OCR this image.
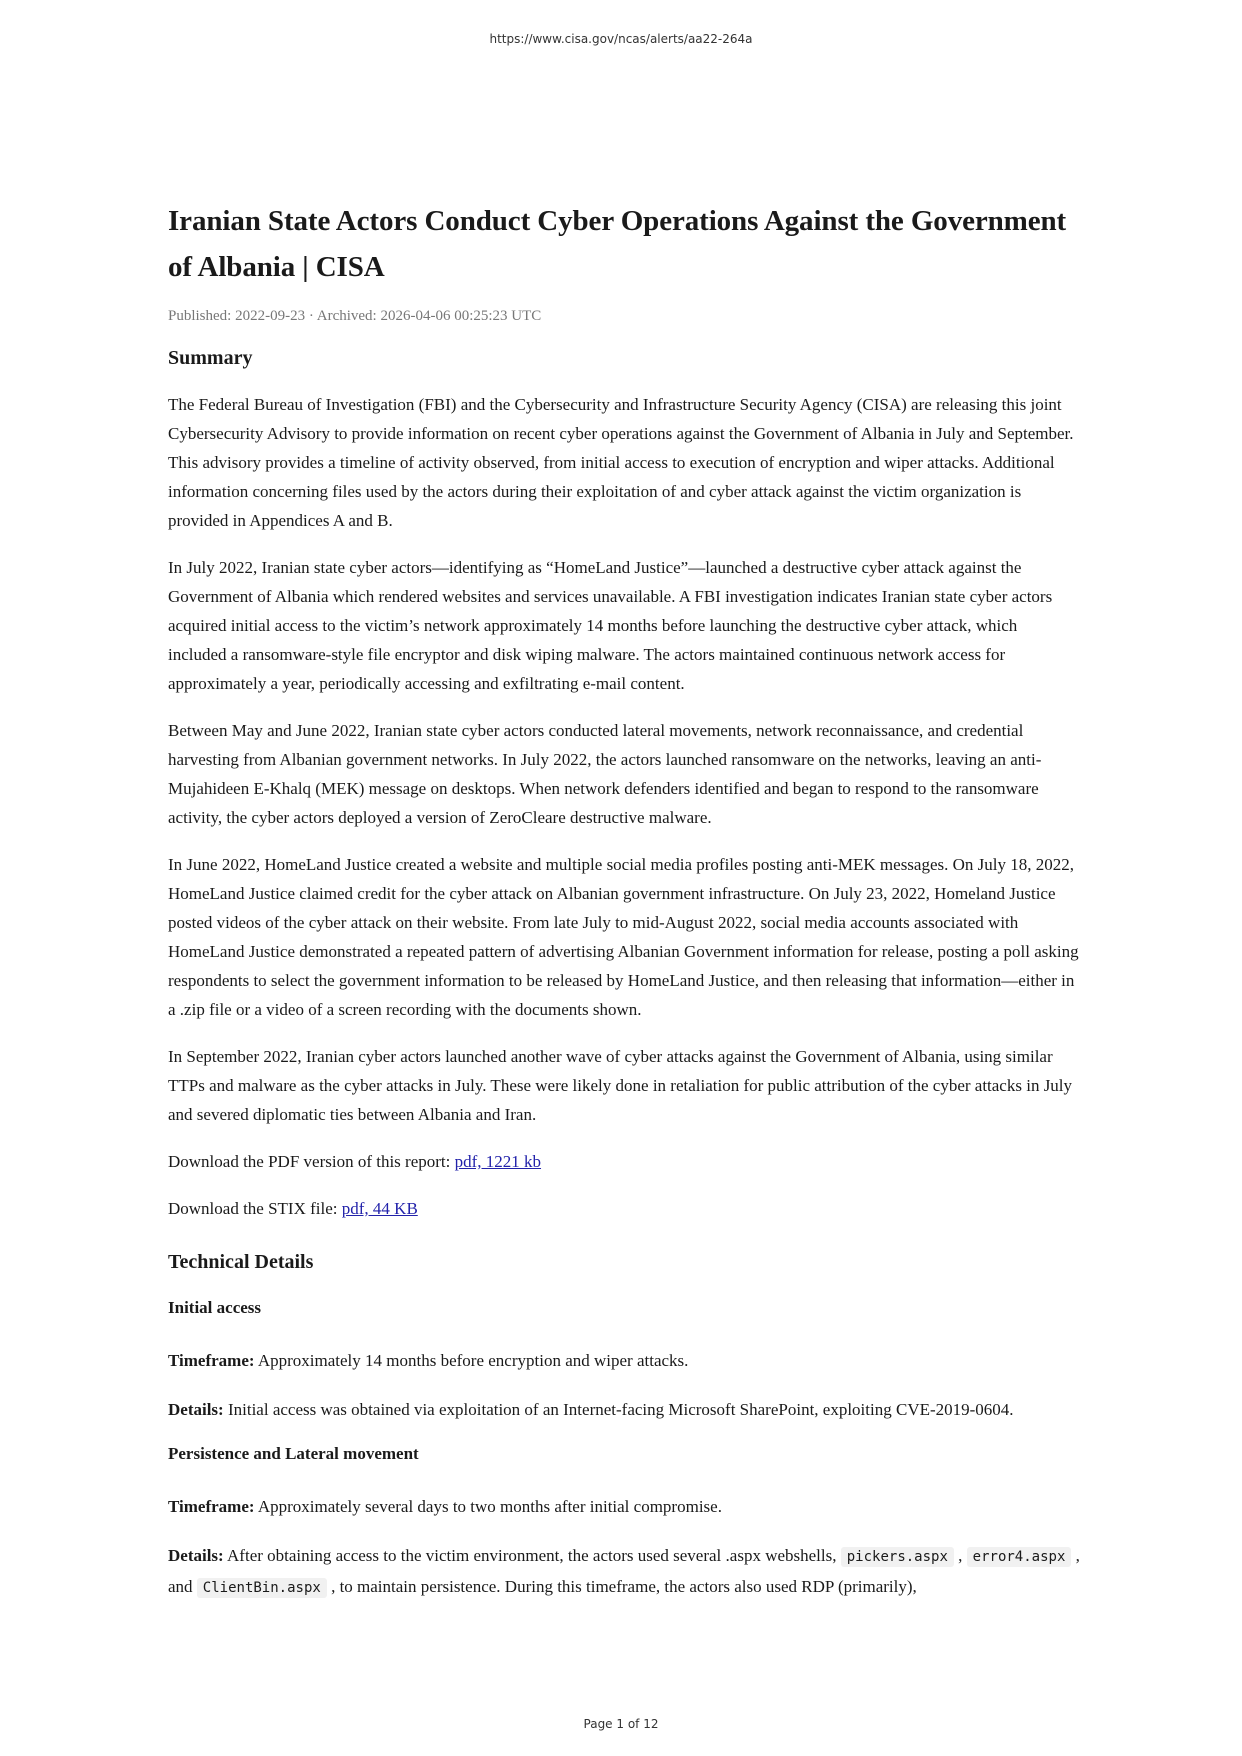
https://www.cisa.gov/ncas/alerts/aa22-264a
Iranian State Actors Conduct Cyber Operations Against the Government of Albania | CISA
Published: 2022-09-23 · Archived: 2026-04-06 00:25:23 UTC
Summary

The Federal Bureau of Investigation (FBI) and the Cybersecurity and Infrastructure Security Agency (CISA) are releasing this joint Cybersecurity Advisory to provide information on recent cyber operations against the Government of Albania in July and September. This advisory provides a timeline of activity observed, from initial access to execution of encryption and wiper attacks. Additional information concerning files used by the actors during their exploitation of and cyber attack against the victim organization is provided in Appendices A and B.

In July 2022, Iranian state cyber actors—identifying as “HomeLand Justice”—launched a destructive cyber attack against the Government of Albania which rendered websites and services unavailable. A FBI investigation indicates Iranian state cyber actors acquired initial access to the victim’s network approximately 14 months before launching the destructive cyber attack, which included a ransomware-style file encryptor and disk wiping malware. The actors maintained continuous network access for approximately a year, periodically accessing and exfiltrating e-mail content.

Between May and June 2022, Iranian state cyber actors conducted lateral movements, network reconnaissance, and credential harvesting from Albanian government networks. In July 2022, the actors launched ransomware on the networks, leaving an anti-Mujahideen E-Khalq (MEK) message on desktops. When network defenders identified and began to respond to the ransomware activity, the cyber actors deployed a version of ZeroCleare destructive malware.

In June 2022, HomeLand Justice created a website and multiple social media profiles posting anti-MEK messages. On July 18, 2022, HomeLand Justice claimed credit for the cyber attack on Albanian government infrastructure. On July 23, 2022, Homeland Justice posted videos of the cyber attack on their website. From late July to mid-August 2022, social media accounts associated with HomeLand Justice demonstrated a repeated pattern of advertising Albanian Government information for release, posting a poll asking respondents to select the government information to be released by HomeLand Justice, and then releasing that information—either in a .zip file or a video of a screen recording with the documents shown.

In September 2022, Iranian cyber actors launched another wave of cyber attacks against the Government of Albania, using similar TTPs and malware as the cyber attacks in July. These were likely done in retaliation for public attribution of the cyber attacks in July and severed diplomatic ties between Albania and Iran.

Download the PDF version of this report: pdf, 1221 kb

Download the STIX file: pdf, 44 KB

Technical Details
Initial access

Timeframe: Approximately 14 months before encryption and wiper attacks.

Details: Initial access was obtained via exploitation of an Internet-facing Microsoft SharePoint, exploiting CVE-2019-0604.

Persistence and Lateral movement

Timeframe: Approximately several days to two months after initial compromise.

Details: After obtaining access to the victim environment, the actors used several .aspx webshells, pickers.aspx , error4.aspx , and ClientBin.aspx , to maintain persistence. During this timeframe, the actors also used RDP (primarily),

Page 1 of 12
